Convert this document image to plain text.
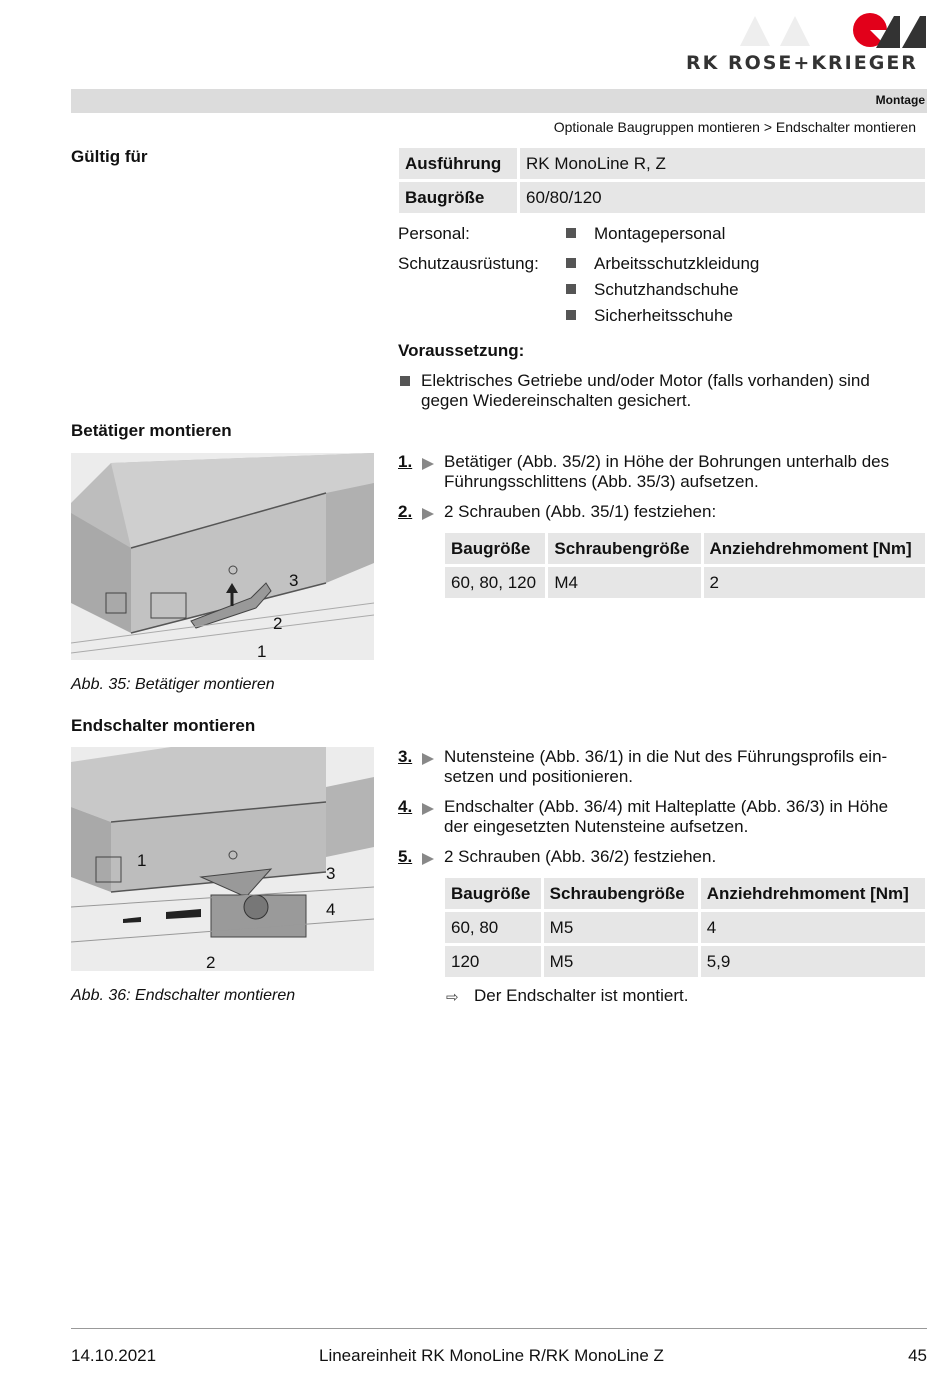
RK ROSE+KRIEGER
Montage
Optionale Baugruppen montieren > Endschalter montieren
Gültig für	Ausführung	RK MonoLine R, Z
Baugröße	60/80/120
Personal:	Montagepersonal
Schutzausrüstung:	Arbeitsschutzkleidung
Schutzhandschuhe
Sicherheitsschuhe
Voraussetzung:
Elektrisches Getriebe und/oder Motor (falls vorhanden) sind gegen Wiedereinschalten gesichert.
Betätiger montieren
1
2
3
Abb. 35: Betätiger montieren
1. Betätiger (Abb. 35/2) in Höhe der Bohrungen unterhalb des Führungsschlittens (Abb. 35/3) aufsetzen.
2. 2 Schrauben (Abb. 35/1) festziehen:
Baugröße	Schraubengröße	Anziehdrehmoment [Nm]
60, 80, 120	M4	2
Endschalter montieren
1
2
3
4
Abb. 36: Endschalter montieren
3. Nutensteine (Abb. 36/1) in die Nut des Führungsprofils ein-setzen und positionieren.
4. Endschalter (Abb. 36/4) mit Halteplatte (Abb. 36/3) in Höhe der eingesetzten Nutensteine aufsetzen.
5. 2 Schrauben (Abb. 36/2) festziehen.
Baugröße	Schraubengröße	Anziehdrehmoment [Nm]
60, 80	M5	4
120	M5	5,9
⇨ Der Endschalter ist montiert.
14.10.2021	Lineareinheit RK MonoLine R/RK MonoLine Z	45
